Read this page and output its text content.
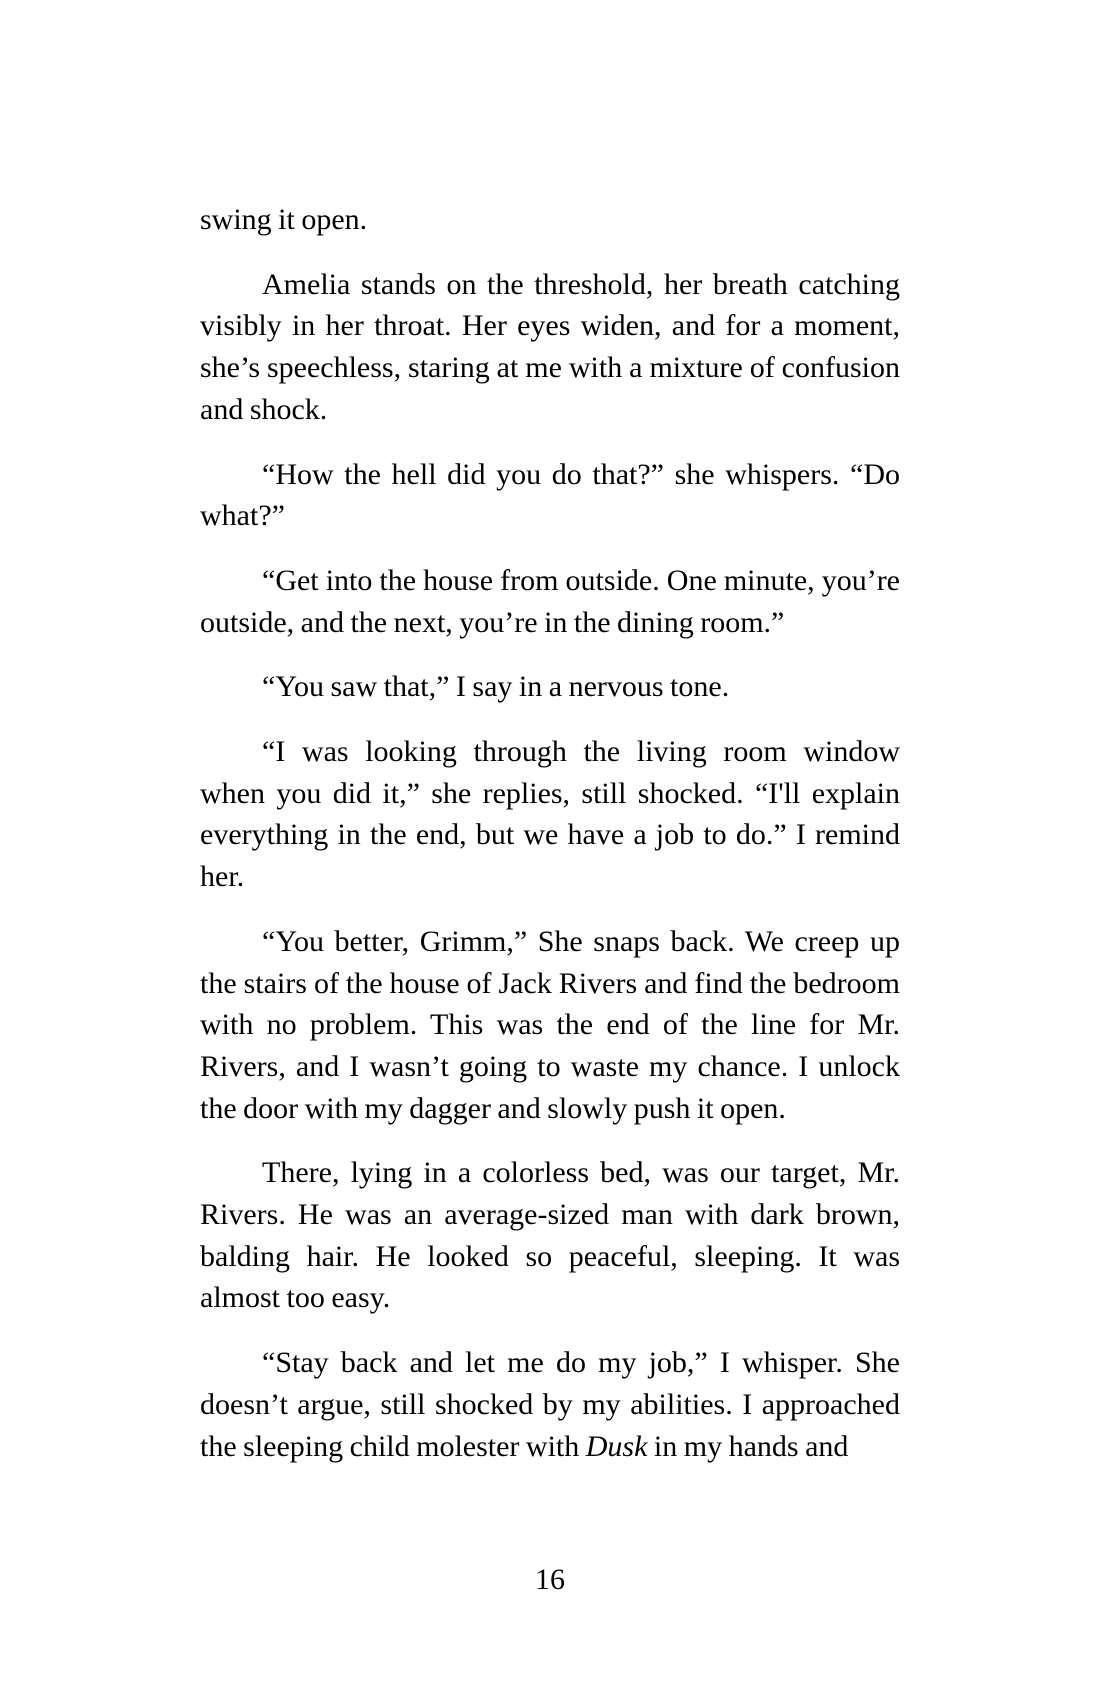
swing it open.

Amelia stands on the threshold, her breath catching visibly in her throat. Her eyes widen, and for a moment, she’s speechless, staring at me with a mixture of confusion and shock.

“How the hell did you do that?” she whispers. “Do what?”

“Get into the house from outside. One minute, you’re outside, and the next, you’re in the dining room.”

“You saw that,” I say in a nervous tone.

“I was looking through the living room window when you did it,” she replies, still shocked. “I'll explain everything in the end, but we have a job to do.” I remind her.

“You better, Grimm,” She snaps back. We creep up the stairs of the house of Jack Rivers and find the bedroom with no problem. This was the end of the line for Mr. Rivers, and I wasn’t going to waste my chance. I unlock the door with my dagger and slowly push it open.

There, lying in a colorless bed, was our target, Mr. Rivers. He was an average-sized man with dark brown, balding hair. He looked so peaceful, sleeping. It was almost too easy.

“Stay back and let me do my job,” I whisper. She doesn’t argue, still shocked by my abilities. I approached the sleeping child molester with Dusk in my hands and

16
